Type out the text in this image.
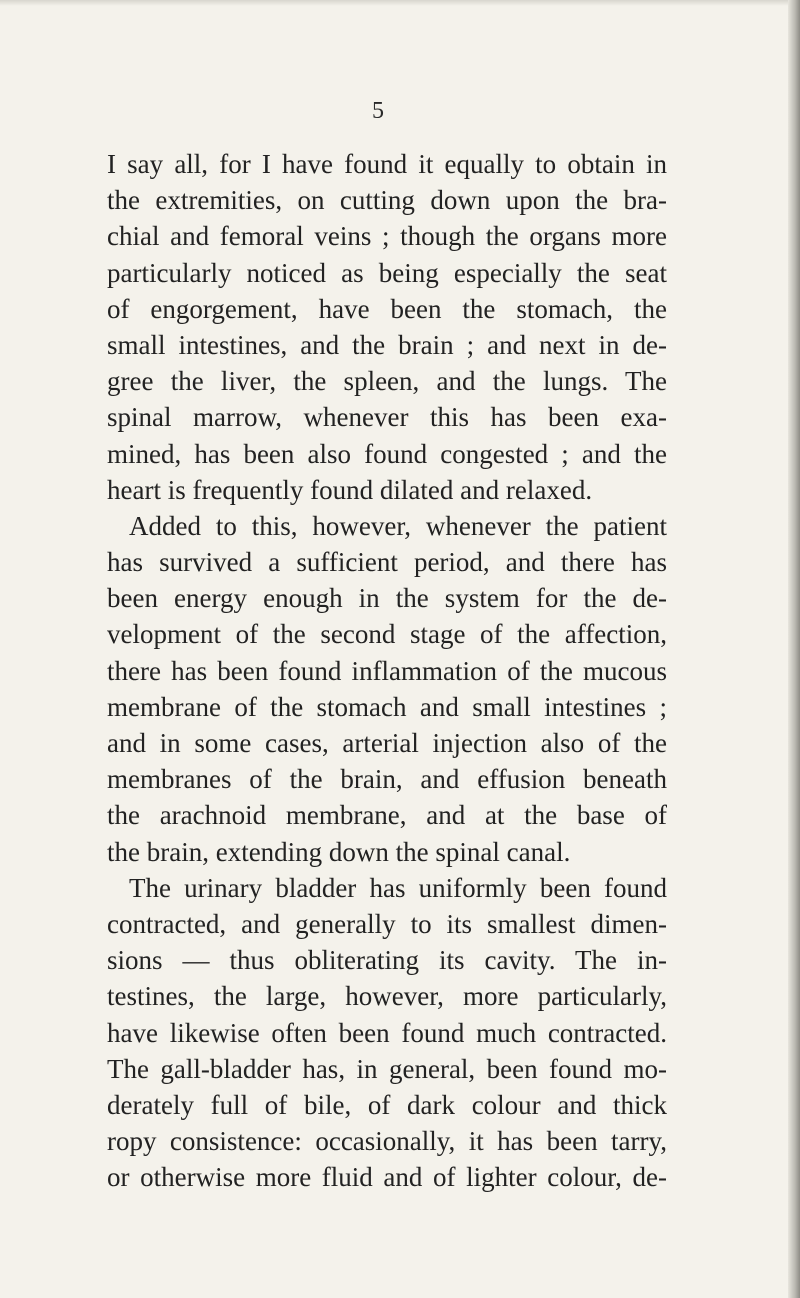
5
I say all, for I have found it equally to obtain in
the extremities, on cutting down upon the bra-
chial and femoral veins ; though the organs more
particularly noticed as being especially the seat
of engorgement, have been the stomach, the
small intestines, and the brain ; and next in de-
gree the liver, the spleen, and the lungs. The
spinal marrow, whenever this has been exa-
mined, has been also found congested ; and the
heart is frequently found dilated and relaxed.
Added to this, however, whenever the patient
has survived a sufficient period, and there has
been energy enough in the system for the de-
velopment of the second stage of the affection,
there has been found inflammation of the mucous
membrane of the stomach and small intestines ;
and in some cases, arterial injection also of the
membranes of the brain, and effusion beneath
the arachnoid membrane, and at the base of
the brain, extending down the spinal canal.
The urinary bladder has uniformly been found
contracted, and generally to its smallest dimen-
sions — thus obliterating its cavity. The in-
testines, the large, however, more particularly,
have likewise often been found much contracted.
The gall-bladder has, in general, been found mo-
derately full of bile, of dark colour and thick
ropy consistence: occasionally, it has been tarry,
or otherwise more fluid and of lighter colour, de-
